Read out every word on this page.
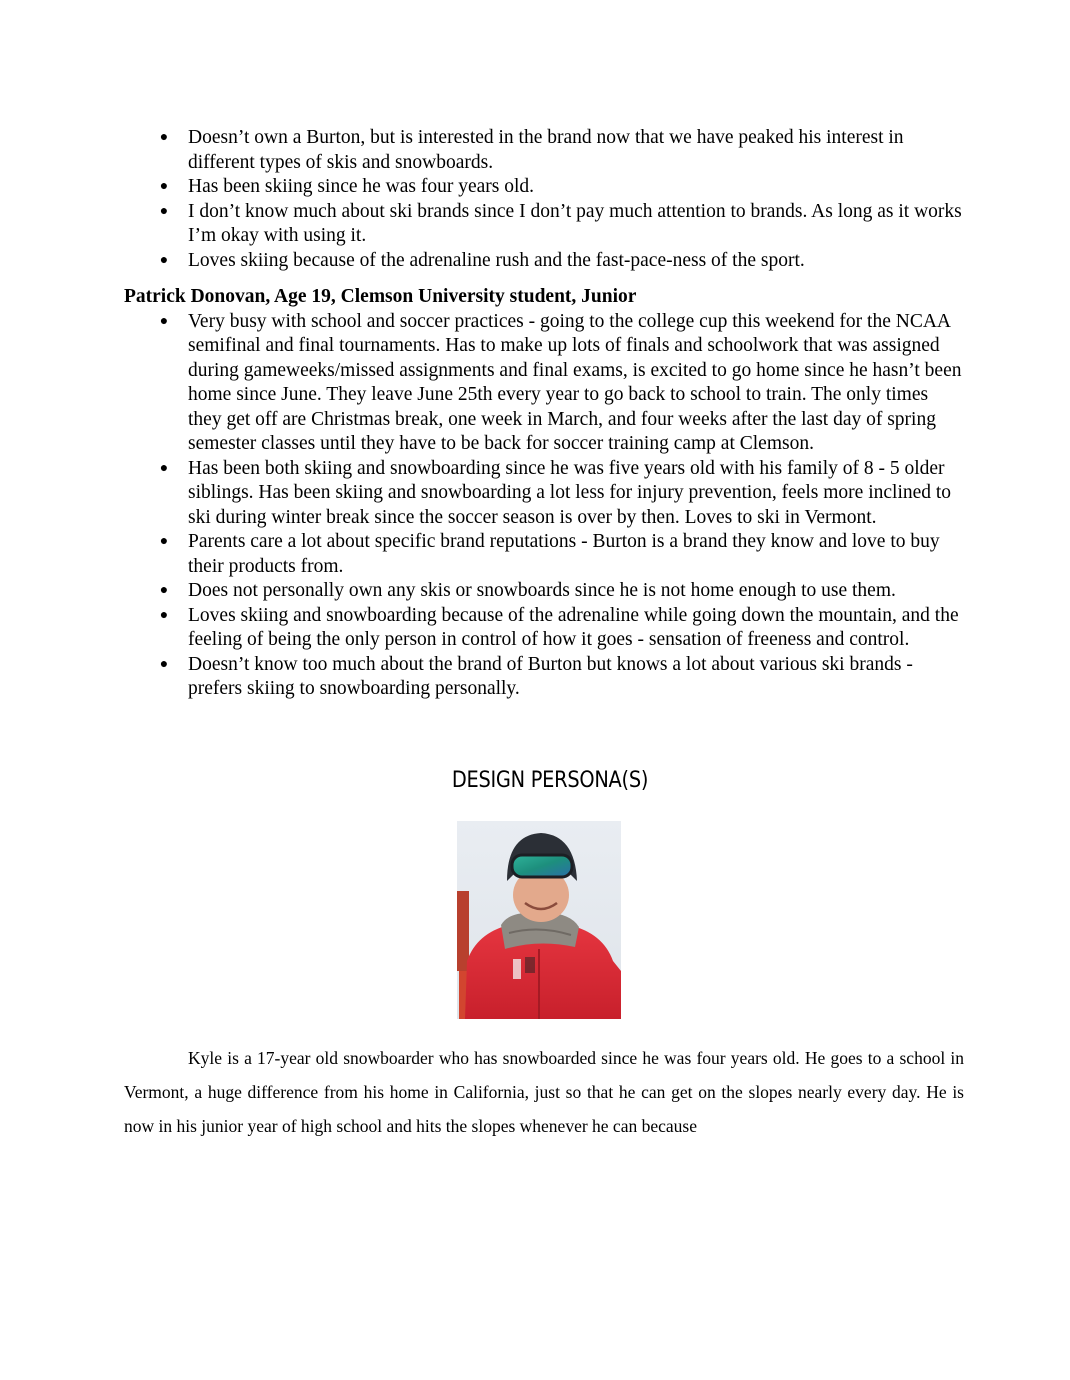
● Doesn’t own a Burton, but is interested in the brand now that we have peaked his interest in different types of skis and snowboards.
● Has been skiing since he was four years old.
● I don’t know much about ski brands since I don’t pay much attention to brands. As long as it works I’m okay with using it.
● Loves skiing because of the adrenaline rush and the fast-pace-ness of the sport.
Patrick Donovan, Age 19, Clemson University student, Junior
● Very busy with school and soccer practices - going to the college cup this weekend for the NCAA semifinal and final tournaments. Has to make up lots of finals and schoolwork that was assigned during gameweeks/missed assignments and final exams, is excited to go home since he hasn’t been home since June. They leave June 25th every year to go back to school to train. The only times they get off are Christmas break, one week in March, and four weeks after the last day of spring semester classes until they have to be back for soccer training camp at Clemson.
● Has been both skiing and snowboarding since he was five years old with his family of 8 - 5 older siblings. Has been skiing and snowboarding a lot less for injury prevention, feels more inclined to ski during winter break since the soccer season is over by then. Loves to ski in Vermont.
● Parents care a lot about specific brand reputations - Burton is a brand they know and love to buy their products from.
● Does not personally own any skis or snowboards since he is not home enough to use them.
● Loves skiing and snowboarding because of the adrenaline while going down the mountain, and the feeling of being the only person in control of how it goes - sensation of freeness and control.
● Doesn’t know too much about the brand of Burton but knows a lot about various ski brands - prefers skiing to snowboarding personally.
DESIGN PERSONA(S)
Kyle is a 17-year old snowboarder who has snowboarded since he was four years old. He goes to a school in Vermont, a huge difference from his home in California, just so that he can get on the slopes nearly every day. He is now in his junior year of high school and hits the slopes whenever he can because
